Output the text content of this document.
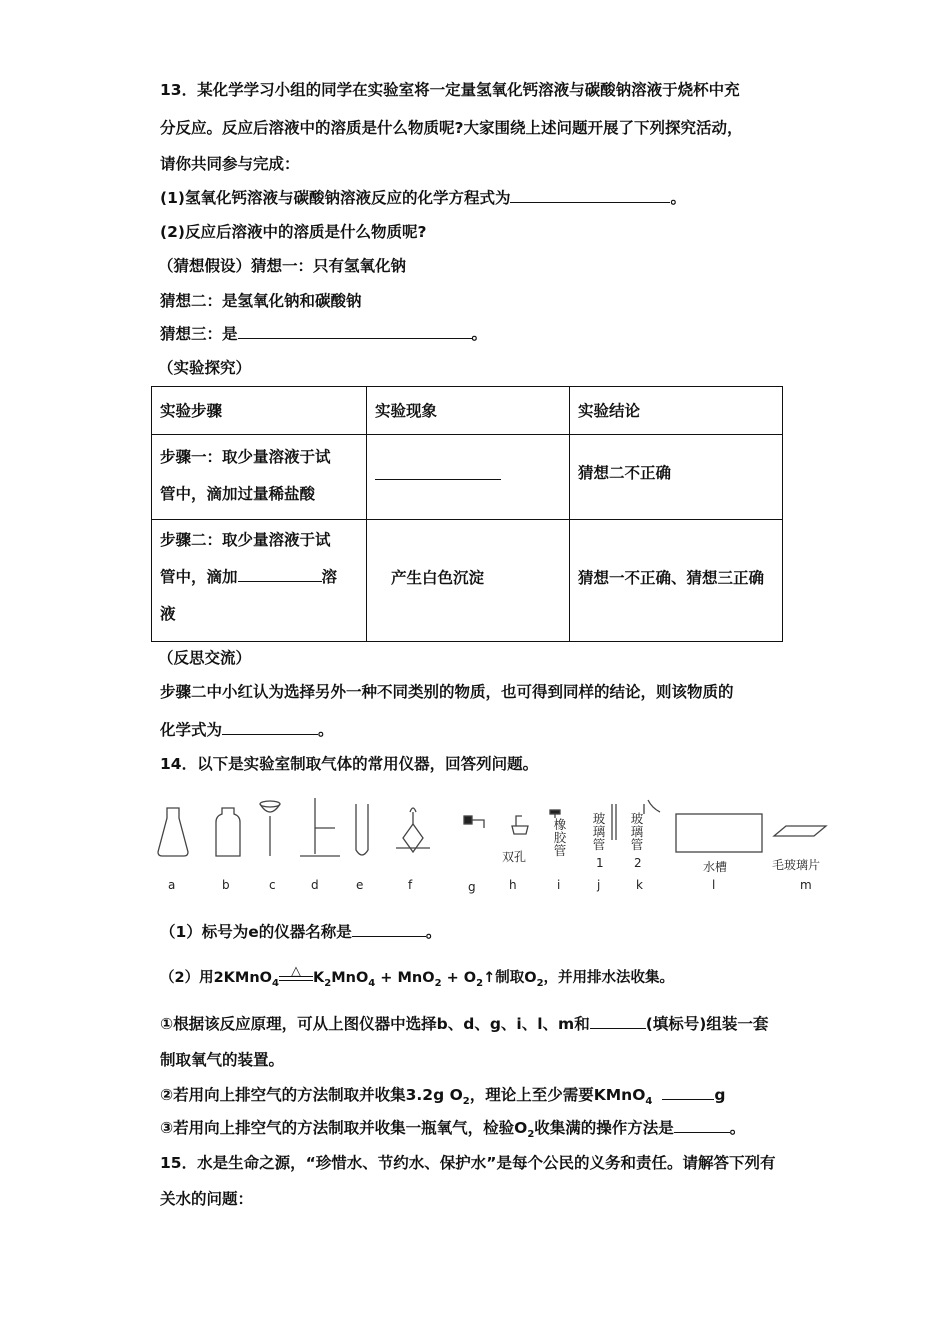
13．某化学学习小组的同学在实验室将一定量氢氧化钙溶液与碳酸钠溶液于烧杯中充
分反应。反应后溶液中的溶质是什么物质呢?大家围绕上述问题开展了下列探究活动，
请你共同参与完成：
(1)氢氧化钙溶液与碳酸钠溶液反应的化学方程式为	。
(2)反应后溶液中的溶质是什么物质呢?
（猜想假设）猜想一：只有氢氧化钠
猜想二：是氢氧化钠和碳酸钠
猜想三：是	。
（实验探究）
实验步骤	实验现象	实验结论

步骤一：取少量溶液于试
管中，滴加过量稀盐酸		猜想二不正确

步骤二：取少量溶液于试
管中，滴加 溶
液	产生白色沉淀	猜想一不正确、猜想三正确
（反思交流）
步骤二中小红认为选择另外一种不同类别的物质，也可得到同样的结论，则该物质的
化学式为	。
14．以下是实验室制取气体的常用仪器，回答列问题。
橡胶管
玻璃管
1
玻璃管
2
双孔
水槽	毛玻璃片
a	b	c	d	e	f	g	h	i	j	k	l	m
（1）标号为e的仪器名称是	。
（2）用2KMnO$_4$
△ $K_2MnO_4 + MnO_2$ + $O_2↑$制取$O_2$，并用排水法收集。
①根据该反应原理，可从上图仪器中选择b、d、g、i、l、m和	(填标号)组装一套
制取氧气的装置。
②若用向上排空气的方法制取并收集3.2g $O_2$，理论上至少需要KMnO$_4$	g
③若用向上排空气的方法制取并收集一瓶氧气，检验$O_2$收集满的操作方法是	。
15．水是生命之源，“珍惜水、节约水、保护水”是每个公民的义务和责任。请解答下列有
关水的问题：
